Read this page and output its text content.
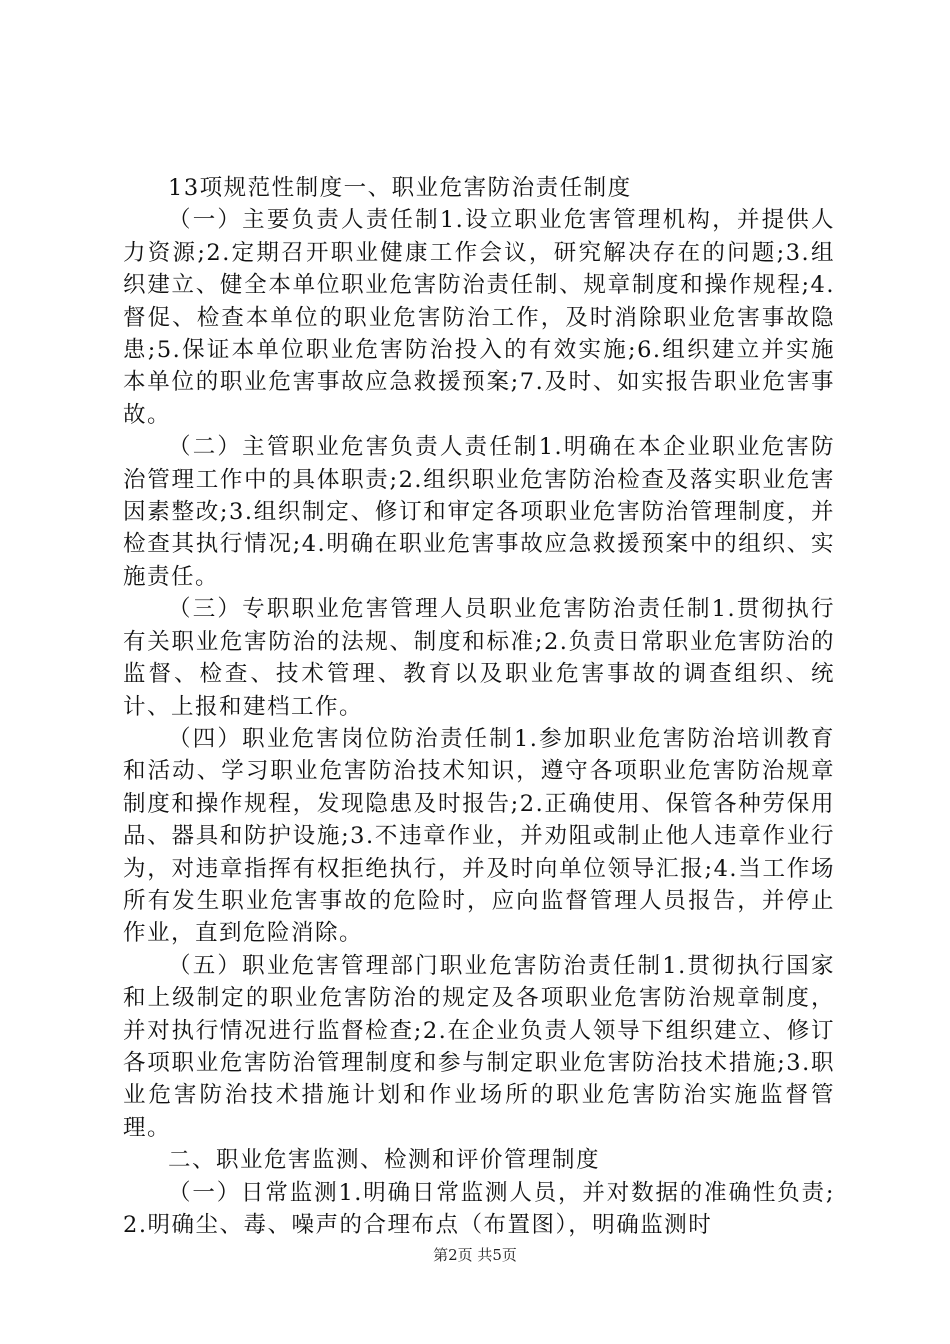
13项规范性制度一、职业危害防治责任制度

（一）主要负责人责任制1.设立职业危害管理机构，并提供人力资源;2.定期召开职业健康工作会议，研究解决存在的问题;3.组织建立、健全本单位职业危害防治责任制、规章制度和操作规程;4.督促、检查本单位的职业危害防治工作，及时消除职业危害事故隐患;5.保证本单位职业危害防治投入的有效实施;6.组织建立并实施本单位的职业危害事故应急救援预案;7.及时、如实报告职业危害事故。

（二）主管职业危害负责人责任制1.明确在本企业职业危害防治管理工作中的具体职责;2.组织职业危害防治检查及落实职业危害因素整改;3.组织制定、修订和审定各项职业危害防治管理制度，并检查其执行情况;4.明确在职业危害事故应急救援预案中的组织、实施责任。

（三）专职职业危害管理人员职业危害防治责任制1.贯彻执行有关职业危害防治的法规、制度和标准;2.负责日常职业危害防治的监督、检查、技术管理、教育以及职业危害事故的调查组织、统计、上报和建档工作。

（四）职业危害岗位防治责任制1.参加职业危害防治培训教育和活动、学习职业危害防治技术知识，遵守各项职业危害防治规章制度和操作规程，发现隐患及时报告;2.正确使用、保管各种劳保用品、器具和防护设施;3.不违章作业，并劝阻或制止他人违章作业行为，对违章指挥有权拒绝执行，并及时向单位领导汇报;4.当工作场所有发生职业危害事故的危险时，应向监督管理人员报告，并停止作业，直到危险消除。

（五）职业危害管理部门职业危害防治责任制1.贯彻执行国家和上级制定的职业危害防治的规定及各项职业危害防治规章制度，并对执行情况进行监督检查;2.在企业负责人领导下组织建立、修订各项职业危害防治管理制度和参与制定职业危害防治技术措施;3.职业危害防治技术措施计划和作业场所的职业危害防治实施监督管理。

二、职业危害监测、检测和评价管理制度

（一）日常监测1.明确日常监测人员，并对数据的准确性负责;2.明确尘、毒、噪声的合理布点（布置图），明确监测时

第2页 共5页
